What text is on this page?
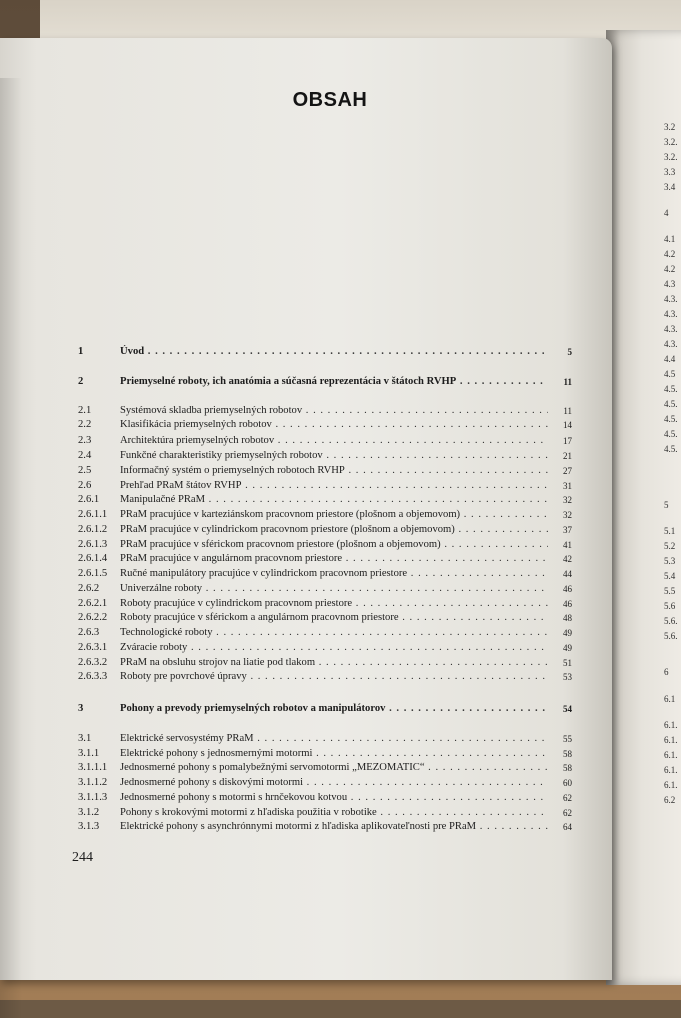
3.2
3.2.
3.2.
3.3
3.4
4
4.1
4.2
4.2
4.3
4.3.
4.3.
4.3.
4.3.
4.4
4.5
4.5.
4.5.
4.5.
4.5.
4.5.
5
5.1
5.2
5.3
5.4
5.5
5.6
5.6.
5.6.
6
6.1
6.1.
6.1.
6.1.
6.1.
6.1.
6.2
OBSAH
1	Úvod . . .	5
2	Priemyselné roboty, ich anatómia a súčasná reprezentácia v štátoch RVHP . . .	11
2.1	Systémová skladba priemyselných robotov . . .	11
2.2	Klasifikácia priemyselných robotov . . .	14
2.3	Architektúra priemyselných robotov . . .	17
2.4	Funkčné charakteristiky priemyselných robotov . . .	21
2.5	Informačný systém o priemyselných robotoch RVHP . . .	27
2.6	Prehľad PRaM štátov RVHP . . .	31
2.6.1 Manipulačné PRaM . . .	32
2.6.1.1 PRaM pracujúce v karteziánskom pracovnom priestore (plošnom a objemovom) . . .	32
2.6.1.2 PRaM pracujúce v cylindrickom pracovnom priestore (plošnom a objemovom) . . .	37
2.6.1.3 PRaM pracujúce v sférickom pracovnom priestore (plošnom a objemovom) . . .	41
2.6.1.4 PRaM pracujúce v angulárnom pracovnom priestore . . .	42
2.6.1.5 Ručné manipulátory pracujúce v cylindrickom pracovnom priestore . . .	44
2.6.2 Univerzálne roboty . . .	46
2.6.2.1 Roboty pracujúce v cylindrickom pracovnom priestore . . .	46
2.6.2.2 Roboty pracujúce v sférickom a angulárnom pracovnom priestore . . .	48
2.6.3 Technologické roboty . . .	49
2.6.3.1 Zváracie roboty . . .	49
2.6.3.2 PRaM na obsluhu strojov na liatie pod tlakom . . .	51
2.6.3.3 Roboty pre povrchové úpravy . . .	53
3	Pohony a prevody priemyselných robotov a manipulátorov . . .	54
3.1	Elektrické servosystémy PRaM . . .	55
3.1.1 Elektrické pohony s jednosmernými motormi . . .	58
3.1.1.1 Jednosmerné pohony s pomalybežnými servomotormi „MEZOMATIC“ . . .	58
3.1.1.2 Jednosmerné pohony s diskovými motormi . . .	60
3.1.1.3 Jednosmerné pohony s motormi s hrnčekovou kotvou . . .	62
3.1.2 Pohony s krokovými motormi z hľadiska použitia v robotike . . .	62
3.1.3 Elektrické pohony s asynchrónnymi motormi z hľadiska aplikovateľnosti pre PRaM . . .	64
244
